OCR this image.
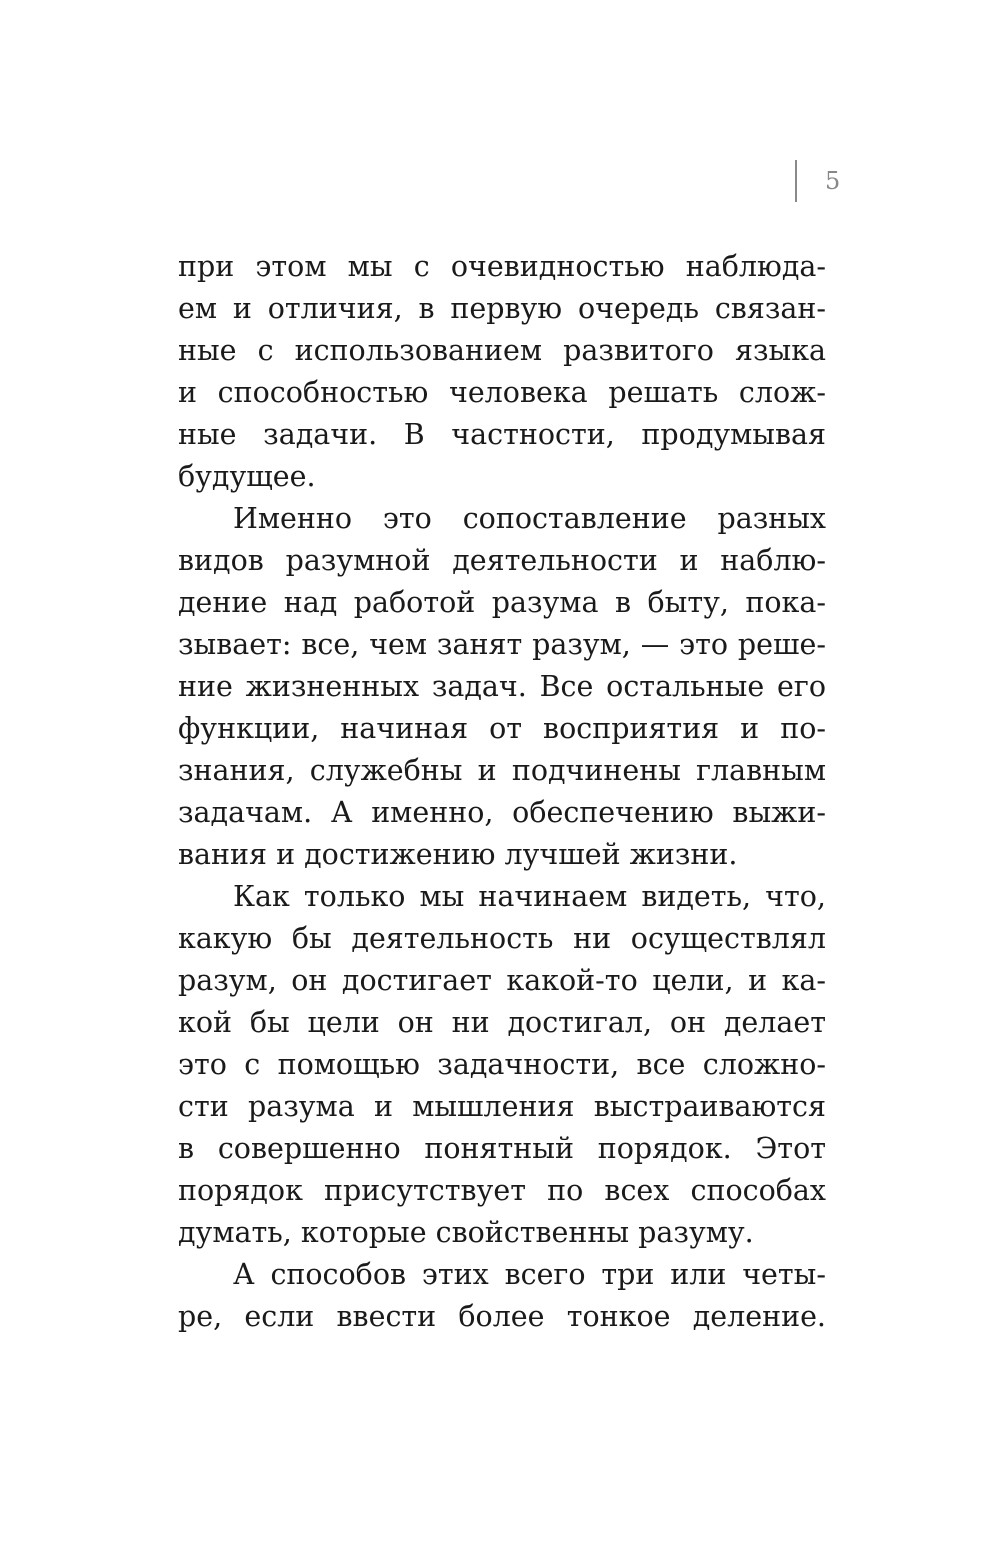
5
при этом мы с очевидностью наблюда-
ем и отличия, в первую очередь связан-
ные с использованием развитого языка
и способностью человека решать слож-
ные задачи. В частности, продумывая
будущее.
Именно это сопоставление разных
видов разумной деятельности и наблю-
дение над работой разума в быту, пока-
зывает: все, чем занят разум, — это реше-
ние жизненных задач. Все остальные его
функции, начиная от восприятия и по-
знания, служебны и подчинены главным
задачам. А именно, обеспечению выжи-
вания и достижению лучшей жизни.
Как только мы начинаем видеть, что,
какую бы деятельность ни осуществлял
разум, он достигает какой-то цели, и ка-
кой бы цели он ни достигал, он делает
это с помощью задачности, все сложно-
сти разума и мышления выстраиваются
в совершенно понятный порядок. Этот
порядок присутствует по всех способах
думать, которые свойственны разуму.
А способов этих всего три или четы-
ре, если ввести более тонкое деление.
